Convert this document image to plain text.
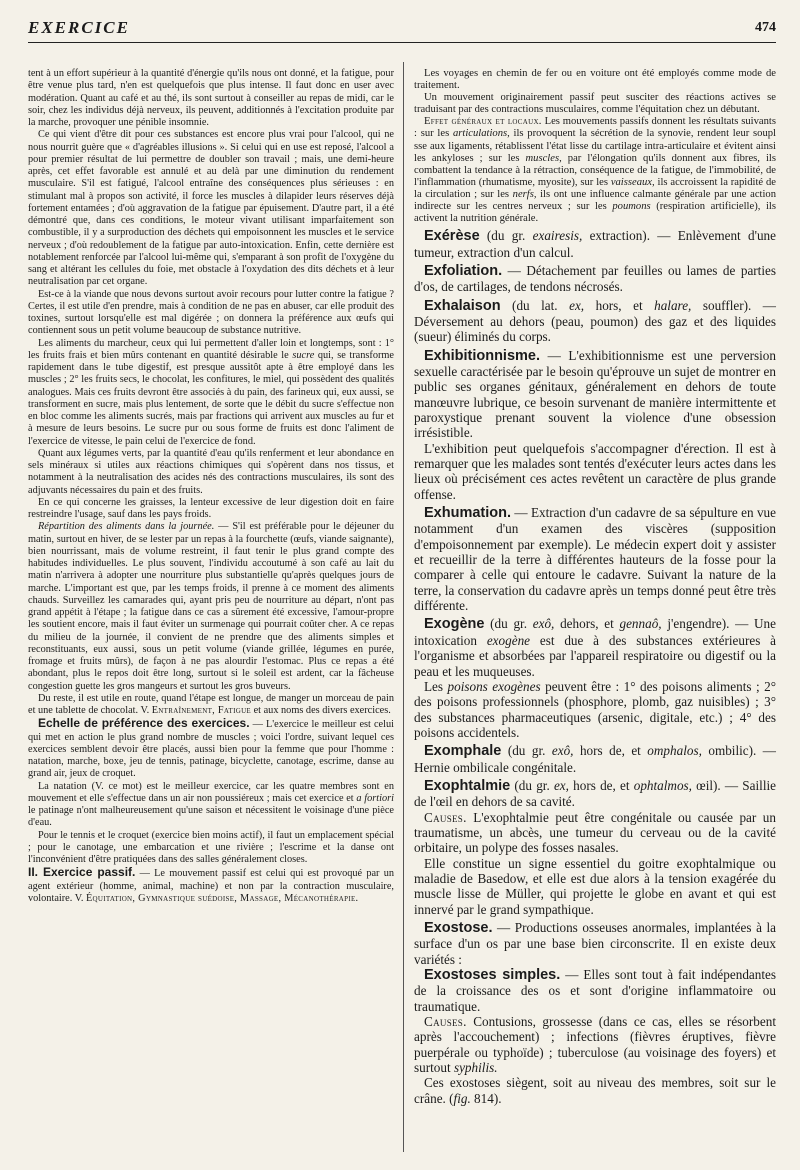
EXERCICE	474

tent à un effort supérieur à la quantité d'énergie qu'ils nous ont donné, et la fatigue, pour être venue plus tard, n'en est quelquefois que plus intense. Il faut donc en user avec modération. Quant au café et au thé, ils sont surtout à conseiller au repas de midi, car le soir, chez les individus déjà nerveux, ils peuvent, additionnés à l'excitation produite par la marche, provoquer une pénible insomnie.

Ce qui vient d'être dit pour ces substances est encore plus vrai pour l'alcool, qui ne nous nourrit guère que « d'agréables illusions ». Si celui qui en use est reposé, l'alcool a pour premier résultat de lui permettre de doubler son travail ; mais, une demi-heure après, cet effet favorable est annulé et au delà par une diminution du rendement musculaire. S'il est fatigué, l'alcool entraîne des conséquences plus sérieuses : en stimulant mal à propos son activité, il force les muscles à dilapider leurs réserves déjà fortement entamées ; d'où aggravation de la fatigue par épuisement. D'autre part, il a été démontré que, dans ces conditions, le moteur vivant utilisant imparfaitement son combustible, il y a surproduction des déchets qui empoisonnent les muscles et le service nerveux ; d'où redoublement de la fatigue par auto-intoxication. Enfin, cette dernière est notablement renforcée par l'alcool lui-même qui, s'emparant à son profit de l'oxygène du sang et altérant les cellules du foie, met obstacle à l'oxydation des dits déchets et à leur neutralisation par cet organe.

Est-ce à la viande que nous devons surtout avoir recours pour lutter contre la fatigue ? Certes, il est utile d'en prendre, mais à condition de ne pas en abuser, car elle produit des toxines, surtout lorsqu'elle est mal digérée ; on donnera la préférence aux œufs qui contiennent sous un petit volume beaucoup de substance nutritive.

Les aliments du marcheur, ceux qui lui permettent d'aller loin et longtemps, sont : 1° les fruits frais et bien mûrs contenant en quantité désirable le sucre qui, se transforme rapidement dans le tube digestif, est presque aussitôt apte à être employé dans les muscles ; 2° les fruits secs, le chocolat, les confitures, le miel, qui possèdent des qualités analogues. Mais ces fruits devront être associés à du pain, des farineux qui, eux aussi, se transforment en sucre, mais plus lentement, de sorte que le débit du sucre s'effectue non en bloc comme les aliments sucrés, mais par fractions qui arrivent aux muscles au fur et à mesure de leurs besoins. Le sucre pur ou sous forme de fruits est donc l'aliment de l'exercice de vitesse, le pain celui de l'exercice de fond.

Quant aux légumes verts, par la quantité d'eau qu'ils renferment et leur abondance en sels minéraux si utiles aux réactions chimiques qui s'opèrent dans nos tissus, et notamment à la neutralisation des acides nés des contractions musculaires, ils sont des adjuvants nécessaires du pain et des fruits.

En ce qui concerne les graisses, la lenteur excessive de leur digestion doit en faire restreindre l'usage, sauf dans les pays froids.

Répartition des aliments dans la journée. — S'il est préférable pour le déjeuner du matin, surtout en hiver, de se lester par un repas à la fourchette (œufs, viande saignante), bien nourrissant, mais de volume restreint, il faut tenir le plus grand compte des habitudes individuelles. Le plus souvent, l'individu accoutumé à son café au lait du matin n'arrivera à adopter une nourriture plus substantielle qu'après quelques jours de marche. L'important est que, par les temps froids, il prenne à ce moment des aliments chauds. Surveillez les camarades qui, ayant pris peu de nourriture au départ, n'ont pas grand appétit à l'étape ; la fatigue dans ce cas a sûrement été excessive, l'amour-propre les soutient encore, mais il faut éviter un surmenage qui pourrait coûter cher. A ce repas du milieu de la journée, il convient de ne prendre que des aliments simples et reconstituants, eux aussi, sous un petit volume (viande grillée, légumes en purée, fromage et fruits mûrs), de façon à ne pas alourdir l'estomac. Plus ce repas a été abondant, plus le repos doit être long, surtout si le soleil est ardent, car la fâcheuse congestion guette les gros mangeurs et surtout les gros buveurs.

Du reste, il est utile en route, quand l'étape est longue, de manger un morceau de pain et une tablette de chocolat. V. Entraînement, Fatigue et aux noms des divers exercices.

Echelle de préférence des exercices. — L'exercice le meilleur est celui qui met en action le plus grand nombre de muscles ; voici l'ordre, suivant lequel ces exercices semblent devoir être placés, aussi bien pour la femme que pour l'homme : natation, marche, boxe, jeu de tennis, patinage, bicyclette, canotage, escrime, danse au grand air, jeux de croquet.

La natation (V. ce mot) est le meilleur exercice, car les quatre membres sont en mouvement et elle s'effectue dans un air non poussiéreux ; mais cet exercice et a fortiori le patinage n'ont malheureusement qu'une saison et nécessitent le voisinage d'une pièce d'eau.

Pour le tennis et le croquet (exercice bien moins actif), il faut un emplacement spécial ; pour le canotage, une embarcation et une rivière ; l'escrime et la danse ont l'inconvénient d'être pratiquées dans des salles généralement closes.

II. Exercice passif. — Le mouvement passif est celui qui est provoqué par un agent extérieur (homme, animal, machine) et non par la contraction musculaire, volontaire. V. Équitation, Gymnastique suédoise, Massage, Mécanothérapie.

Les voyages en chemin de fer ou en voiture ont été employés comme mode de traitement.

Un mouvement originairement passif peut susciter des réactions actives se traduisant par des contractions musculaires, comme l'équitation chez un débutant.

Effet généraux et locaux. Les mouvements passifs donnent les résultats suivants : sur les articulations, ils provoquent la sécrétion de la synovie, rendent leur soupl sse aux ligaments, rétablissent l'état lisse du cartilage intra-articulaire et évitent ainsi les ankyloses ; sur les muscles, par l'élongation qu'ils donnent aux fibres, ils combattent la tendance à la rétraction, conséquence de la fatigue, de l'immobilité, de l'inflammation (rhumatisme, myosite), sur les vaisseaux, ils accroissent la rapidité de la circulation ; sur les nerfs, ils ont une influence calmante générale par une action indirecte sur les centres nerveux ; sur les poumons (respiration artificielle), ils activent la nutrition générale.

Exérèse (du gr. exairesis, extraction). — Enlèvement d'une tumeur, extraction d'un calcul.

Exfoliation. — Détachement par feuilles ou lames de parties d'os, de cartilages, de tendons nécrosés.

Exhalaison (du lat. ex, hors, et halare, souffler). — Déversement au dehors (peau, poumon) des gaz et des liquides (sueur) éliminés du corps.

Exhibitionnisme. — L'exhibitionnisme est une perversion sexuelle caractérisée par le besoin qu'éprouve un sujet de montrer en public ses organes génitaux, généralement en dehors de toute manœuvre lubrique, ce besoin survenant de manière intermittente et paroxystique prenant souvent la violence d'une obsession irrésistible.

L'exhibition peut quelquefois s'accompagner d'érection. Il est à remarquer que les malades sont tentés d'exécuter leurs actes dans les lieux où précisément ces actes revêtent un caractère de plus grande offense.

Exhumation. — Extraction d'un cadavre de sa sépulture en vue notamment d'un examen des viscères (supposition d'empoisonnement par exemple). Le médecin expert doit y assister et recueillir de la terre à différentes hauteurs de la fosse pour la comparer à celle qui entoure le cadavre. Suivant la nature de la terre, la conservation du cadavre après un temps donné peut être très différente.

Exogène (du gr. exô, dehors, et gennaô, j'engendre). — Une intoxication exogène est due à des substances extérieures à l'organisme et absorbées par l'appareil respiratoire ou digestif ou la peau et les muqueuses.

Les poisons exogènes peuvent être : 1° des poisons aliments ; 2° des poisons professionnels (phosphore, plomb, gaz nuisibles) ; 3° des substances pharmaceutiques (arsenic, digitale, etc.) ; 4° des poisons accidentels.

Exomphale (du gr. exô, hors de, et omphalos, ombilic). — Hernie ombilicale congénitale.

Exophtalmie (du gr. ex, hors de, et ophtalmos, œil). — Saillie de l'œil en dehors de sa cavité.

Causes. L'exophtalmie peut être congénitale ou causée par un traumatisme, un abcès, une tumeur du cerveau ou de la cavité orbitaire, un polype des fosses nasales.

Elle constitue un signe essentiel du goitre exophtalmique ou maladie de Basedow, et elle est due alors à la tension exagérée du muscle lisse de Müller, qui projette le globe en avant et qui est innervé par le grand sympathique.

Exostose. — Productions osseuses anormales, implantées à la surface d'un os par une base bien circonscrite. Il en existe deux variétés :

Exostoses simples. — Elles sont tout à fait indépendantes de la croissance des os et sont d'origine inflammatoire ou traumatique.

Causes. Contusions, grossesse (dans ce cas, elles se résorbent après l'accouchement) ; infections (fièvres éruptives, fièvre puerpérale ou typhoïde) ; tuberculose (au voisinage des foyers) et surtout syphilis.

Ces exostoses siègent, soit au niveau des membres, soit sur le crâne. (fig. 814).
